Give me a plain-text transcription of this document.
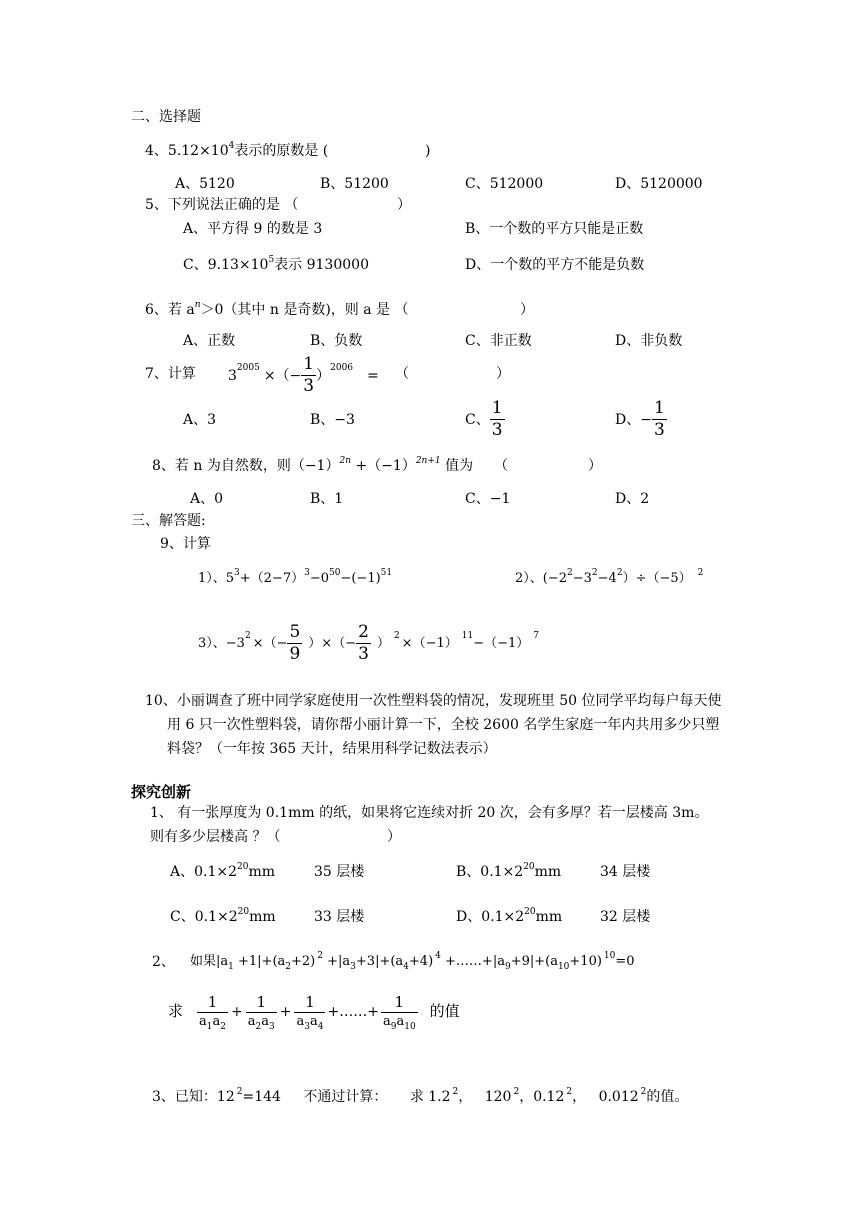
二、选择题
4、$5.12\times 10^4$表示的原数是 (	)
A、5120	B、51200	C、512000	D、5120000
5、下列说法正确的是 （	）
A、平方得 9 的数是 3	B、一个数的平方只能是正数
C、$9.13\times 10^5$表示 9130000	D、一个数的平方不能是负数
6、若 $a^n>0$（其中 n 是奇数)，则 a 是 （	）
A、正数	B、负数	C、非正数	D、非负数
7、计算 $3^{2005}$ ×（− $\frac{1}{3} )^{2006}$ = （	）
A、3	B、−3	C、 $\frac{1}{3}$	D、− $\frac{1}{3}$
8、若 n 为自然数，则$(-1)^{2n} +(-1)^{2n+1}$ 值为 （	）
A、0	B、1	C、−1	D、2
三、解答题:
9、计算
1）、$5^3+(2-7)^3-0^{50}-(-1)^{51}$	2）、$(-2^2-3^2-4^2)\div(-5)$ $^2$
3）、$-3^2$ ×（− $\frac{5}{9}$ ）×（− $\frac{2}{3}$ ） $^2$ ×（−1） $^{11}$ −（−1） $^7$
10、小丽调查了班中同学家庭使用一次性塑料袋的情况，发现班里 50 位同学平均每户每天使用 6 只一次性塑料袋，请你帮小丽计算一下，全校 2600 名学生家庭一年内共用多少只塑料袋？（一年按 365 天计，结果用科学记数法表示）
探究创新
1、 有一张厚度为 0.1mm 的纸，如果将它连续对折 20 次，会有多厚？若一层楼高 3m。
则有多少层楼高 ？（	）
A、$0.1\times 2^{20}mm$	35 层楼	B、$0.1\times 2^{20}mm$	34 层楼
C、$0.1\times 2^{20}mm$	33 层楼	D、$0.1\times 2^{20}mm$	32 层楼
2、 如果$|a_1 +1|+(a_2+2)$ $^2 +|a_3+3|+(a_4+4)$ $^4 +\dots\dots+|a_9+9|+(a_{10}+10)$ $^{10}$=0
求 $\frac{1}{a_1a_2} + \frac{1}{a_2a_3} + \frac{1}{a_3a_4}$ +……+ $\frac{1}{a_9a_{10}}$ 的值
3、已知：12 $^2$=144 不通过计算： 求 1.2 $^2$， 120 $^2$，0.12 $^2$， 0.012 $^2$的值。
